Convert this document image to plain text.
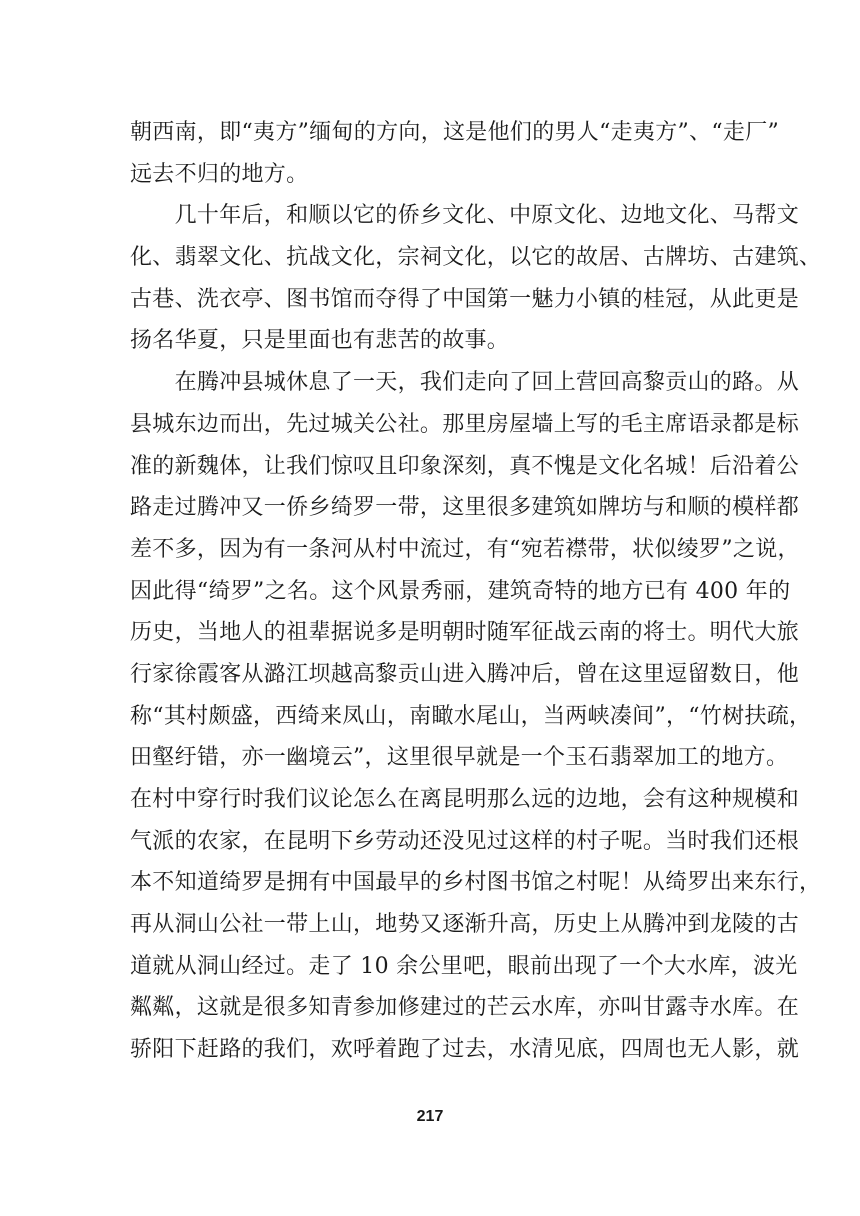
朝西南，即“夷方”缅甸的方向，这是他们的男人“走夷方”、“走厂”
远去不归的地方。
　　几十年后，和顺以它的侨乡文化、中原文化、边地文化、马帮文
化、翡翠文化、抗战文化，宗祠文化，以它的故居、古牌坊、古建筑、
古巷、洗衣亭、图书馆而夺得了中国第一魅力小镇的桂冠，从此更是
扬名华夏，只是里面也有悲苦的故事。
　　在腾冲县城休息了一天，我们走向了回上营回高黎贡山的路。从
县城东边而出，先过城关公社。那里房屋墙上写的毛主席语录都是标
准的新魏体，让我们惊叹且印象深刻，真不愧是文化名城！后沿着公
路走过腾冲又一侨乡绮罗一带，这里很多建筑如牌坊与和顺的模样都
差不多，因为有一条河从村中流过，有“宛若襟带，状似绫罗”之说，
因此得“绮罗”之名。这个风景秀丽，建筑奇特的地方已有 400 年的
历史，当地人的祖辈据说多是明朝时随军征战云南的将士。明代大旅
行家徐霞客从潞江坝越高黎贡山进入腾冲后，曾在这里逗留数日，他
称“其村颇盛，西绮来凤山，南瞰水尾山，当两峡凑间”，“竹树扶疏，
田壑纡错，亦一幽境云”，这里很早就是一个玉石翡翠加工的地方。
在村中穿行时我们议论怎么在离昆明那么远的边地，会有这种规模和
气派的农家，在昆明下乡劳动还没见过这样的村子呢。当时我们还根
本不知道绮罗是拥有中国最早的乡村图书馆之村呢！从绮罗出来东行，
再从洞山公社一带上山，地势又逐渐升高，历史上从腾冲到龙陵的古
道就从洞山经过。走了 10 余公里吧，眼前出现了一个大水库，波光
粼粼，这就是很多知青参加修建过的芒云水库，亦叫甘露寺水库。在
骄阳下赶路的我们，欢呼着跑了过去，水清见底，四周也无人影，就
217
